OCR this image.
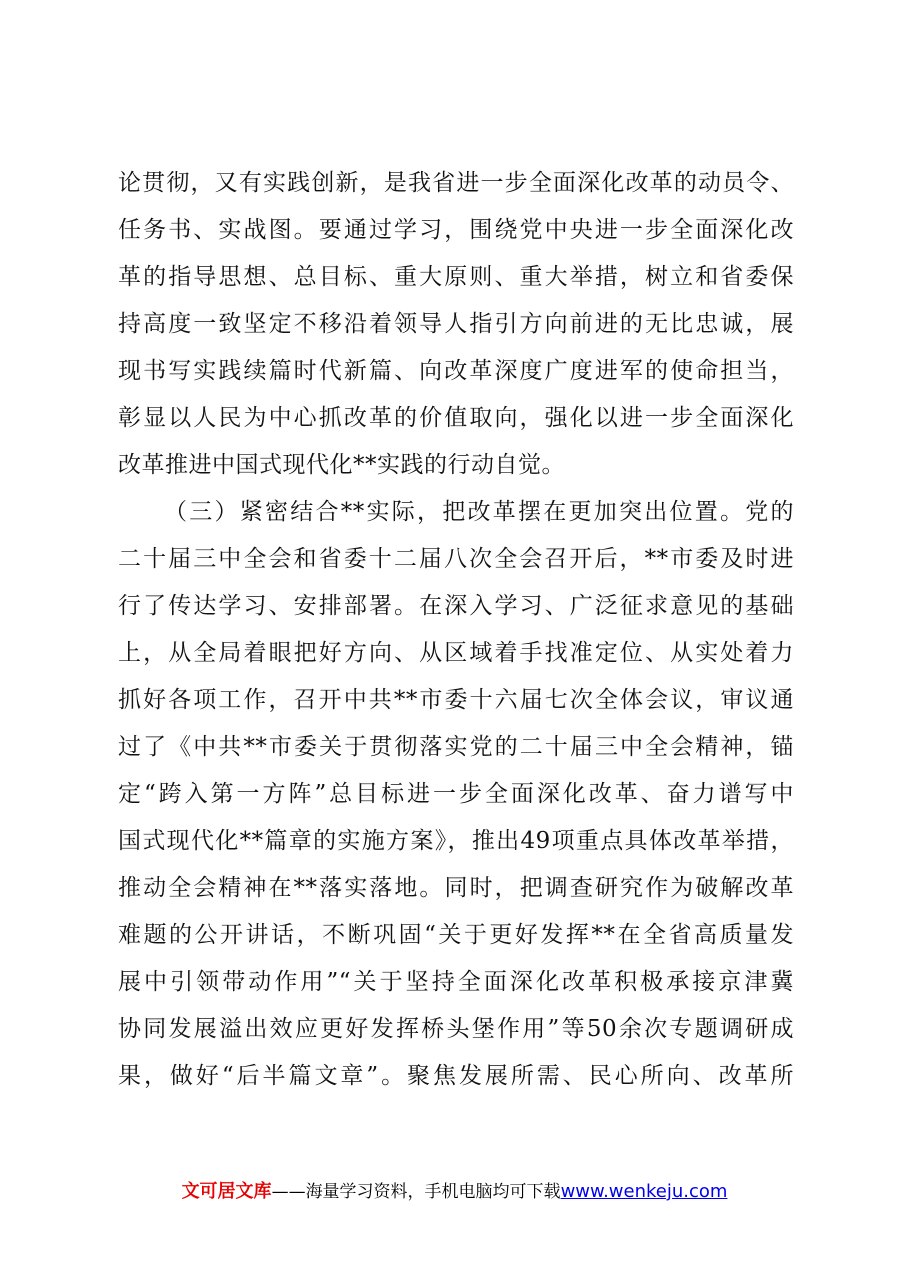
论贯彻，又有实践创新，是我省进一步全面深化改革的动员令、
任务书、实战图。要通过学习，围绕党中央进一步全面深化改
革的指导思想、总目标、重大原则、重大举措，树立和省委保
持高度一致坚定不移沿着领导人指引方向前进的无比忠诚，展
现书写实践续篇时代新篇、向改革深度广度进军的使命担当，
彰显以人民为中心抓改革的价值取向，强化以进一步全面深化
改革推进中国式现代化**实践的行动自觉。
（三）紧密结合**实际，把改革摆在更加突出位置。党的
二十届三中全会和省委十二届八次全会召开后，**市委及时进
行了传达学习、安排部署。在深入学习、广泛征求意见的基础
上，从全局着眼把好方向、从区域着手找准定位、从实处着力
抓好各项工作，召开中共**市委十六届七次全体会议，审议通
过了《中共**市委关于贯彻落实党的二十届三中全会精神，锚
定“跨入第一方阵”总目标进一步全面深化改革、奋力谱写中
国式现代化**篇章的实施方案》，推出49项重点具体改革举措，
推动全会精神在**落实落地。同时，把调查研究作为破解改革
难题的公开讲话，不断巩固“关于更好发挥**在全省高质量发
展中引领带动作用”“关于坚持全面深化改革积极承接京津冀
协同发展溢出效应更好发挥桥头堡作用”等50余次专题调研成
果，做好“后半篇文章”。聚焦发展所需、民心所向、改革所
文可居文库——海量学习资料，手机电脑均可下载www.wenkeju.com
